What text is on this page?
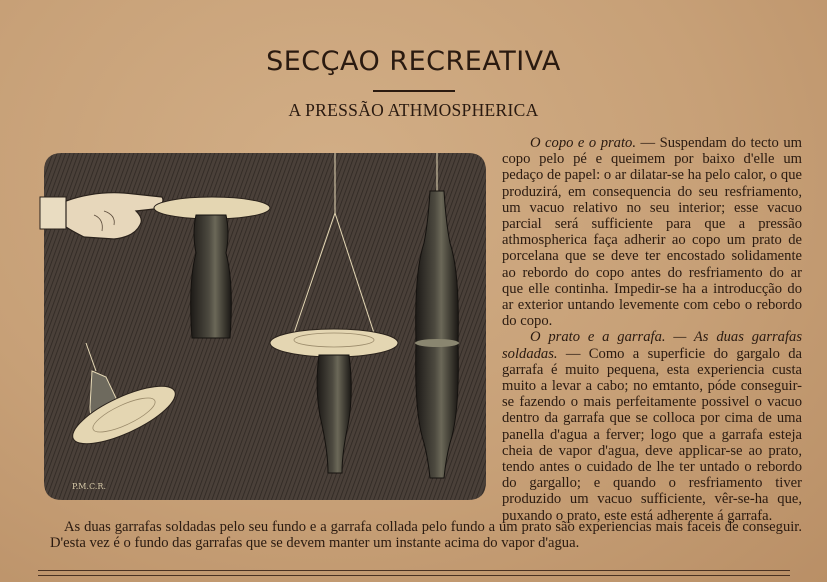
SECÇAO RECREATIVA
A PRESSÃO ATHMOSPHERICA
P.M.C.R.

O copo e o prato. — Suspendam do tecto um copo pelo pé e queimem por baixo d'elle um pedaço de papel: o ar dilatar-se ha pelo calor, o que produzirá, em consequencia do seu resfriamento, um vacuo relativo no seu interior; esse vacuo parcial será sufficiente para que a pressão athmospherica faça adherir ao copo um prato de porcelana que se deve ter encostado solidamente ao rebordo do copo antes do resfriamento do ar que elle continha. Impedir-se ha a introducção do ar exterior untando levemente com cebo o rebordo do copo.

O prato e a garrafa. — As duas garrafas soldadas. — Como a superficie do gargalo da garrafa é muito pequena, esta experiencia custa muito a levar a cabo; no emtanto, póde conseguir-se fazendo o mais perfeitamente possivel o vacuo dentro da garrafa que se colloca por cima de uma panella d'agua a ferver; logo que a garrafa esteja cheia de vapor d'agua, deve applicar-se ao prato, tendo antes o cuidado de lhe ter untado o rebordo do gargallo; e quando o resfriamento tiver produzido um vacuo sufficiente, vêr-se-ha que, puxando o prato, este está adherente á garrafa.

As duas garrafas soldadas pelo seu fundo e a garrafa collada pelo fundo a um prato são experiencias mais faceis de conseguir. D'esta vez é o fundo das garrafas que se devem manter um instante acima do vapor d'agua.
